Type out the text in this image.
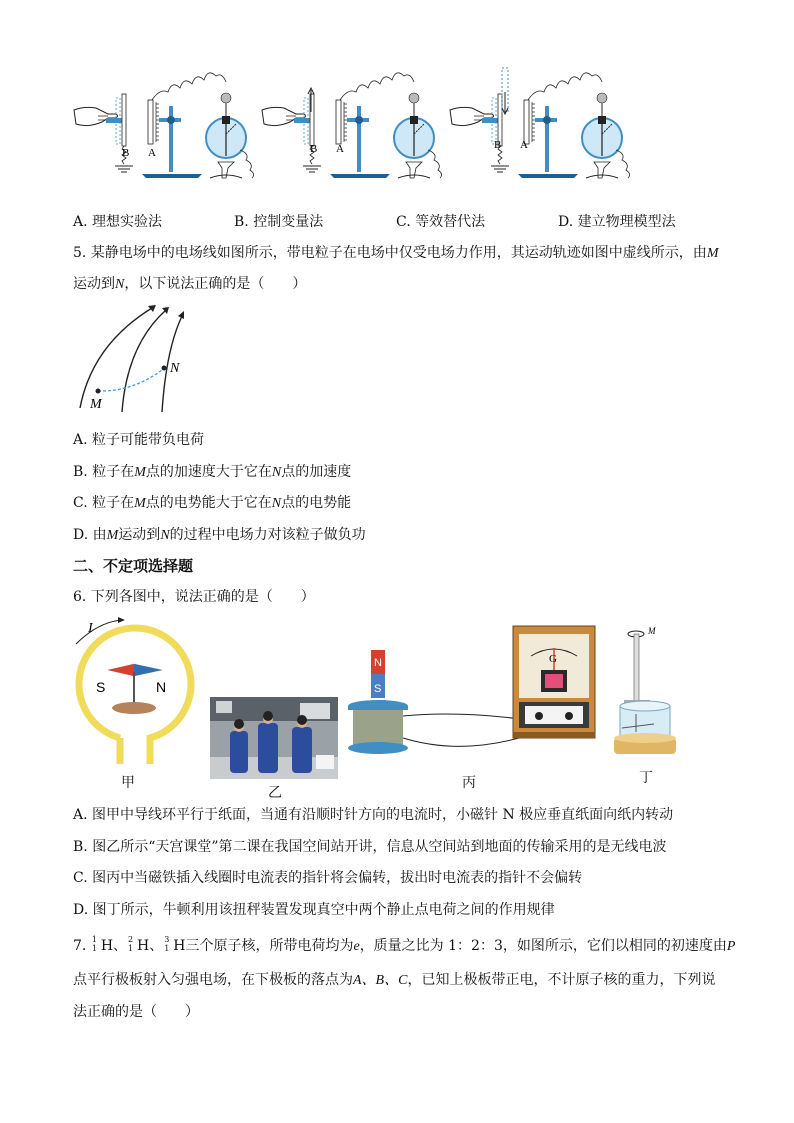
B A	B A	B A
A. 理想实验法	B. 控制变量法	C. 等效替代法	D. 建立物理模型法
5. 某静电场中的电场线如图所示，带电粒子在电场中仅受电场力作用，其运动轨迹如图中虚线所示，由M
运动到N，以下说法正确的是（　　）
M
N
A. 粒子可能带负电荷
B. 粒子在M点的加速度大于它在N点的加速度
C. 粒子在M点的电势能大于它在N点的电势能
D. 由M运动到N的过程中电场力对该粒子做负功
二、不定项选择题
6. 下列各图中，说法正确的是（　　）
I
S	N
甲
乙
N
S
G
丙
M
丁
A. 图甲中导线环平行于纸面，当通有沿顺时针方向的电流时，小磁针 N 极应垂直纸面向纸内转动
B. 图乙所示“天宫课堂”第二课在我国空间站开讲，信息从空间站到地面的传输采用的是无线电波
C. 图丙中当磁铁插入线圈时电流表的指针将会偏转，拔出时电流表的指针不会偏转
D. 图丁所示，牛顿利用该扭秤装置发现真空中两个静止点电荷之间的作用规律
7. 1
1 H、 2
1 H、 3
1 H三个原子核，所带电荷均为e，质量之比为 1：2：3，如图所示，它们以相同的初速度由P
点平行极板射入匀强电场，在下极板的落点为A、B、C，已知上极板带正电，不计原子核的重力，下列说
法正确的是（　　）
